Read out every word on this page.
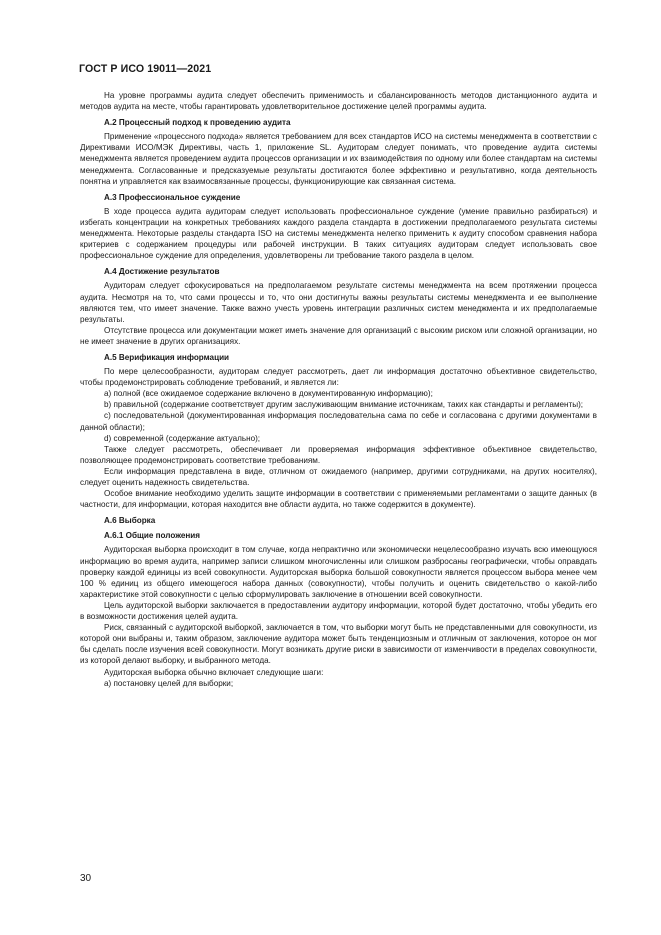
ГОСТ Р ИСО 19011—2021

На уровне программы аудита следует обеспечить применимость и сбалансированность методов дистанционного аудита и методов аудита на месте, чтобы гарантировать удовлетворительное достижение целей программы аудита.

А.2 Процессный подход к проведению аудита

Применение «процессного подхода» является требованием для всех стандартов ИСО на системы менеджмента в соответствии с Директивами ИСО/МЭК Директивы, часть 1, приложение SL. Аудиторам следует понимать, что проведение аудита системы менеджмента является проведением аудита процессов организации и их взаимодействия по одному или более стандартам на системы менеджмента. Согласованные и предсказуемые результаты достигаются более эффективно и результативно, когда деятельность понятна и управляется как взаимосвязанные процессы, функционирующие как связанная система.

А.3 Профессиональное суждение

В ходе процесса аудита аудиторам следует использовать профессиональное суждение (умение правильно разбираться) и избегать концентрации на конкретных требованиях каждого раздела стандарта в достижении предполагаемого результата системы менеджмента. Некоторые разделы стандарта ISO на системы менеджмента нелегко применить к аудиту способом сравнения набора критериев с содержанием процедуры или рабочей инструкции. В таких ситуациях аудиторам следует использовать свое профессиональное суждение для определения, удовлетворены ли требование такого раздела в целом.

А.4 Достижение результатов

Аудиторам следует сфокусироваться на предполагаемом результате системы менеджмента на всем протяжении процесса аудита. Несмотря на то, что сами процессы и то, что они достигнуты важны результаты системы менеджмента и ее выполнение являются тем, что имеет значение. Также важно учесть уровень интеграции различных систем менеджмента и их предполагаемые результаты.

Отсутствие процесса или документации может иметь значение для организаций с высоким риском или сложной организации, но не имеет значение в других организациях.

А.5 Верификация информации

По мере целесообразности, аудиторам следует рассмотреть, дает ли информация достаточно объективное свидетельство, чтобы продемонстрировать соблюдение требований, и является ли:

а) полной (все ожидаемое содержание включено в документированную информацию);

b) правильной (содержание соответствует другим заслуживающим внимание источникам, таких как стандарты и регламенты);

с) последовательной (документированная информация последовательна сама по себе и согласована с другими документами в данной области);

d) современной (содержание актуально);

Также следует рассмотреть, обеспечивает ли проверяемая информация эффективное объективное свидетельство, позволяющее продемонстрировать соответствие требованиям.

Если информация представлена в виде, отличном от ожидаемого (например, другими сотрудниками, на других носителях), следует оценить надежность свидетельства.

Особое внимание необходимо уделить защите информации в соответствии с применяемыми регламентами о защите данных (в частности, для информации, которая находится вне области аудита, но также содержится в документе).

А.6 Выборка

А.6.1 Общие положения

Аудиторская выборка происходит в том случае, когда непрактично или экономически нецелесообразно изучать всю имеющуюся информацию во время аудита, например записи слишком многочисленны или слишком разбросаны географически, чтобы оправдать проверку каждой единицы из всей совокупности. Аудиторская выборка большой совокупности является процессом выбора менее чем 100 % единиц из общего имеющегося набора данных (совокупности), чтобы получить и оценить свидетельство о какой-либо характеристике этой совокупности с целью сформулировать заключение в отношении всей совокупности.

Цель аудиторской выборки заключается в предоставлении аудитору информации, которой будет достаточно, чтобы убедить его в возможности достижения целей аудита.

Риск, связанный с аудиторской выборкой, заключается в том, что выборки могут быть не представленными для совокупности, из которой они выбраны и, таким образом, заключение аудитора может быть тенденциозным и отличным от заключения, которое он мог бы сделать после изучения всей совокупности. Могут возникать другие риски в зависимости от изменчивости в пределах совокупности, из которой делают выборку, и выбранного метода.

Аудиторская выборка обычно включает следующие шаги:

а) постановку целей для выборки;

30
